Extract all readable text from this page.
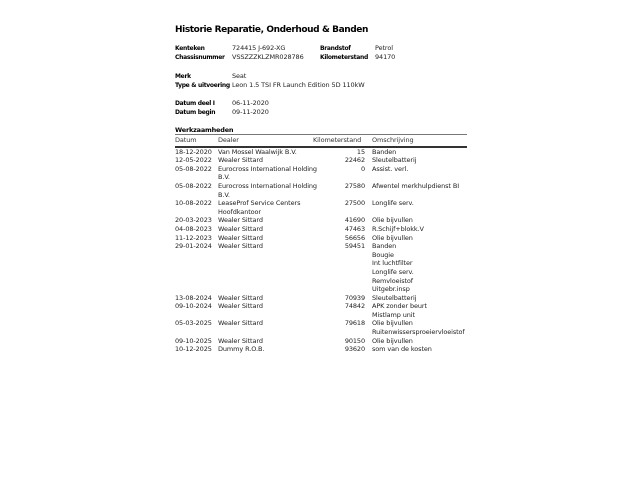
Historie Reparatie, Onderhoud & Banden
Kenteken	724415 J-692-XG	Brandstof	Petrol
Chassisnummer VSSZZZKLZMR028786	Kilometerstand 94170
Merk	Seat
Type & uitvoering Leon 1.5 TSI FR Launch Edition 5D 110kW
Datum deel I	06-11-2020
Datum begin	09-11-2020
Werkzaamheden
Datum	Dealer	Kilometerstand	Omschrijving
18-12-2020	Van Mossel Waalwijk B.V.	15	Banden

12-05-2022	Wealer Sittard	22462	Sleutelbatterij

05-08-2022	Eurocross International Holding
B.V.	0	Assist. verl.

05-08-2022	Eurocross International Holding
B.V.	27580	Afwentel merkhulpdienst BI

10-08-2022	LeaseProf Service Centers
Hoofdkantoor	27500	Longlife serv.

20-03-2023	Wealer Sittard	41690	Olie bijvullen

04-08-2023	Wealer Sittard	47463	R.Schijf+blokk.V

11-12-2023	Wealer Sittard	56656	Olie bijvullen

29-01-2024	Wealer Sittard	59451	Banden
Bougie
Int luchtfilter
Longlife serv.
Remvloeistof
Uitgebr.insp

13-08-2024	Wealer Sittard	70939	Sleutelbatterij

09-10-2024	Wealer Sittard	74842	APK zonder beurt
Mistlamp unit

05-03-2025	Wealer Sittard	79618	Olie bijvullen
Ruitenwissersproeiervloeistof

09-10-2025	Wealer Sittard	90150	Olie bijvullen

10-12-2025	Dummy R.O.B.	93620	som van de kosten
